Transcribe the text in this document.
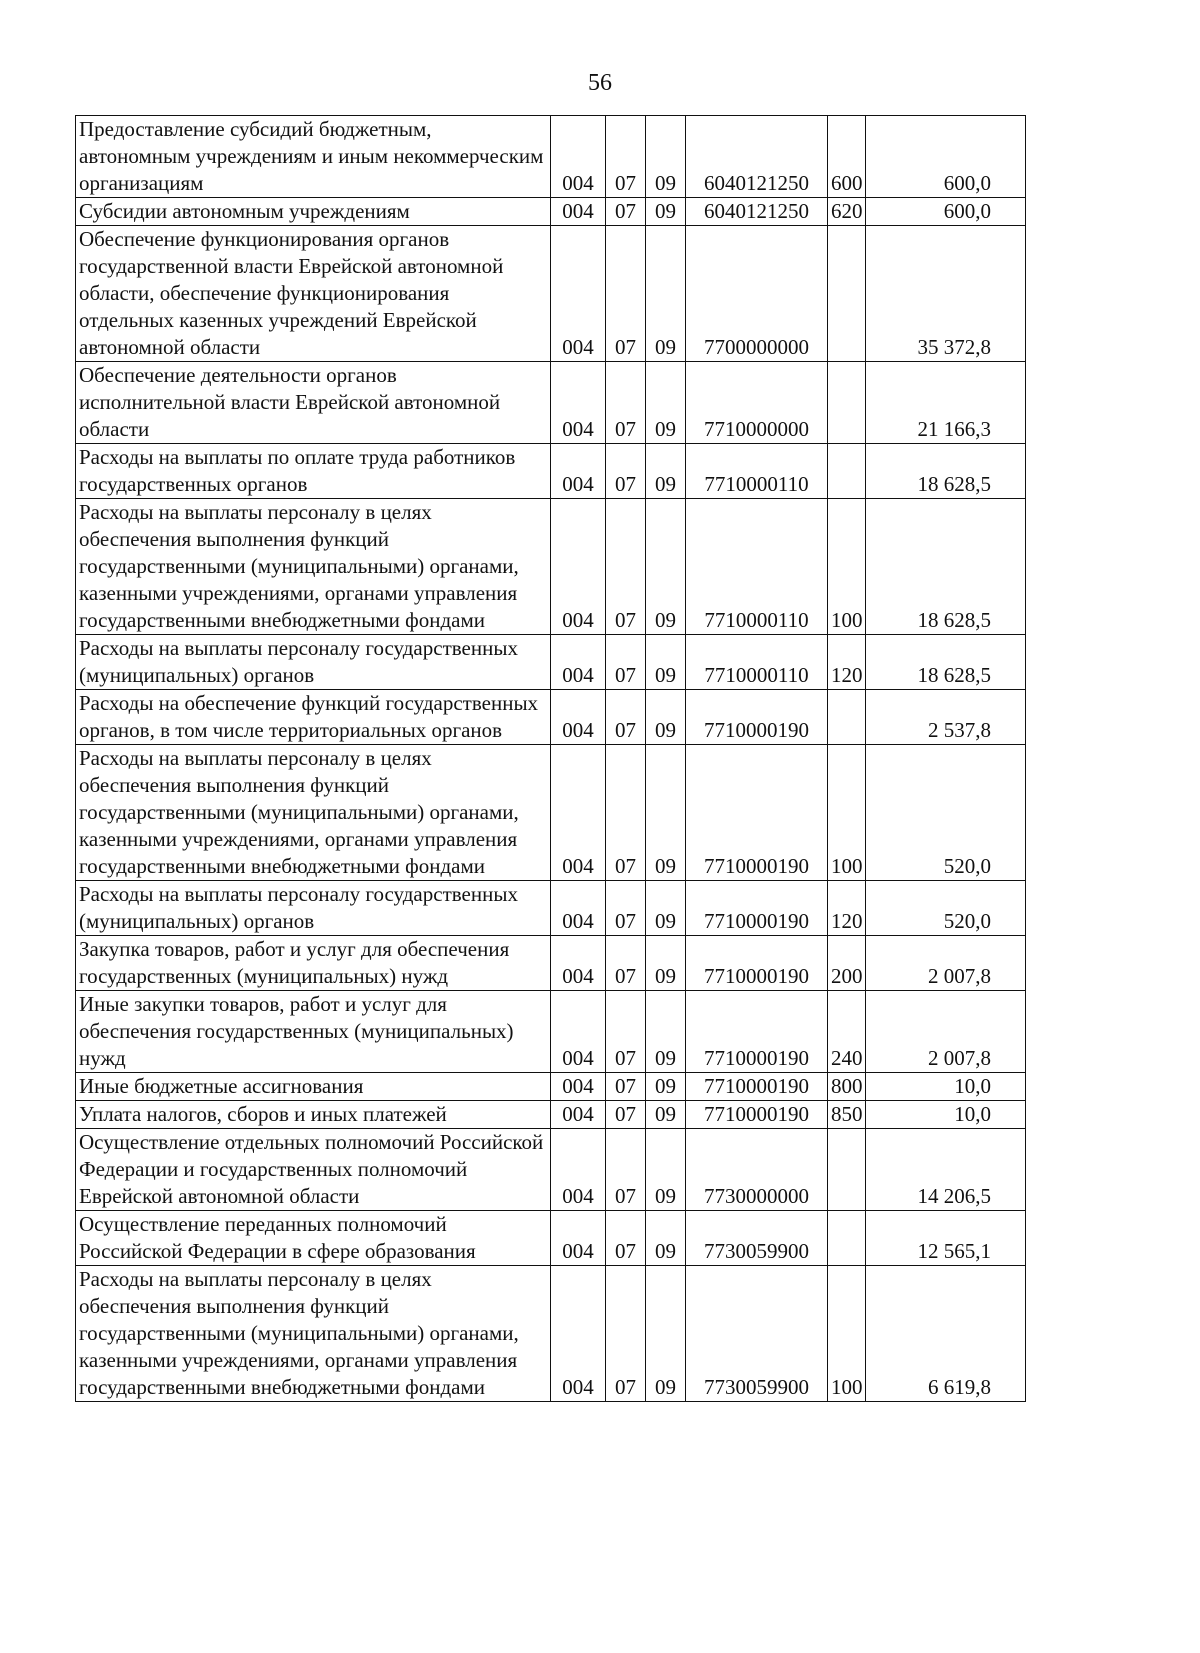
56
Предоставление субсидий бюджетным, автономным учреждениям и иным некоммерческим организациям	004	07	09	6040121250	600	600,0
Субсидии автономным учреждениям	004	07	09	6040121250	620	600,0
Обеспечение функционирования органов государственной власти Еврейской автономной области, обеспечение функционирования отдельных казенных учреждений Еврейской автономной области	004	07	09	7700000000		35 372,8
Обеспечение деятельности органов исполнительной власти Еврейской автономной области	004	07	09	7710000000		21 166,3
Расходы на выплаты по оплате труда работников государственных органов	004	07	09	7710000110		18 628,5
Расходы на выплаты персоналу в целях обеспечения выполнения функций государственными (муниципальными) органами, казенными учреждениями, органами управления государственными внебюджетными фондами	004	07	09	7710000110	100	18 628,5
Расходы на выплаты персоналу государственных (муниципальных) органов	004	07	09	7710000110	120	18 628,5
Расходы на обеспечение функций государственных органов, в том числе территориальных органов	004	07	09	7710000190		2 537,8
Расходы на выплаты персоналу в целях обеспечения выполнения функций государственными (муниципальными) органами, казенными учреждениями, органами управления государственными внебюджетными фондами	004	07	09	7710000190	100	520,0
Расходы на выплаты персоналу государственных (муниципальных) органов	004	07	09	7710000190	120	520,0
Закупка товаров, работ и услуг для обеспечения государственных (муниципальных) нужд	004	07	09	7710000190	200	2 007,8
Иные закупки товаров, работ и услуг для обеспечения государственных (муниципальных) нужд	004	07	09	7710000190	240	2 007,8
Иные бюджетные ассигнования	004	07	09	7710000190	800	10,0
Уплата налогов, сборов и иных платежей	004	07	09	7710000190	850	10,0
Осуществление отдельных полномочий Российской Федерации и государственных полномочий Еврейской автономной области	004	07	09	7730000000		14 206,5
Осуществление переданных полномочий Российской Федерации в сфере образования	004	07	09	7730059900		12 565,1
Расходы на выплаты персоналу в целях обеспечения выполнения функций государственными (муниципальными) органами, казенными учреждениями, органами управления государственными внебюджетными фондами	004	07	09	7730059900	100	6 619,8
